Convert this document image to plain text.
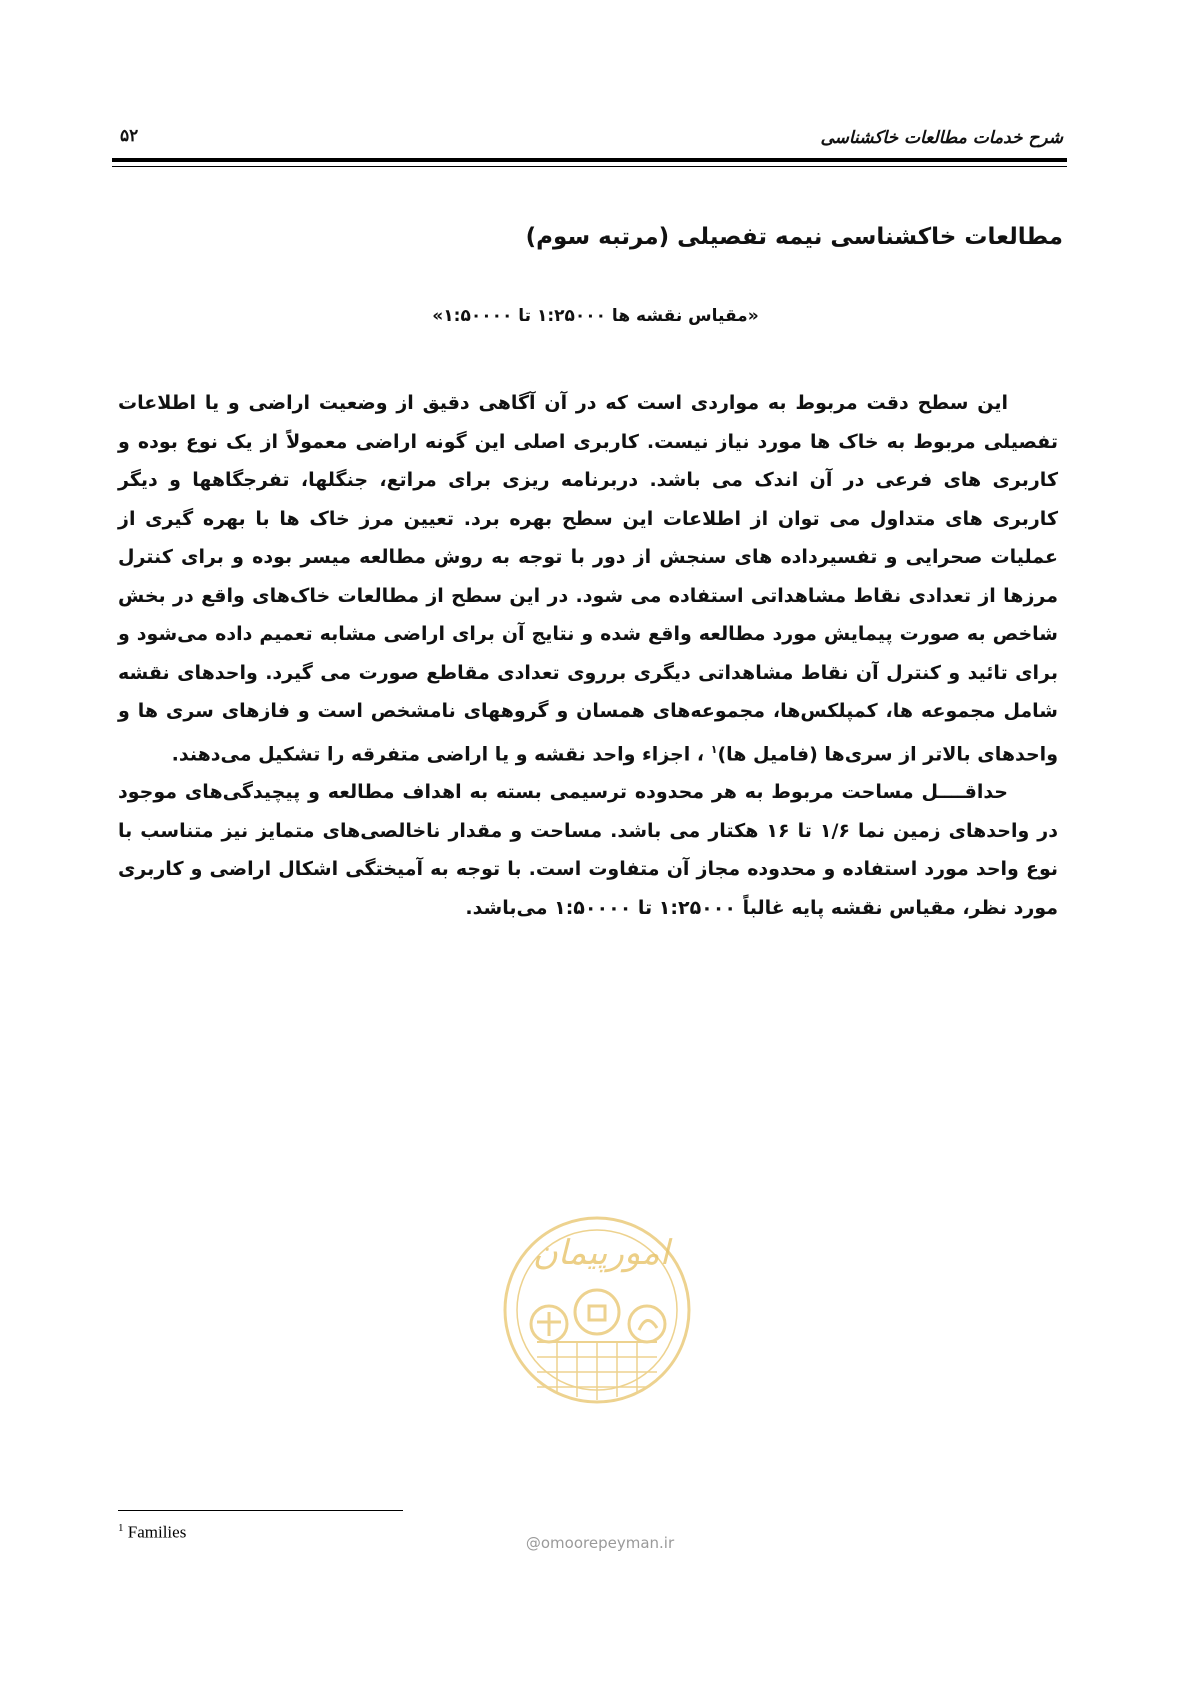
شرح خدمات مطالعات خاکشناسی
۵۲
مطالعات خاکشناسی نیمه تفصیلی (مرتبه سوم)
«مقیاس نقشه ها ۱:۲۵۰۰۰ تا ۱:۵۰۰۰۰»

این سطح دقت مربوط به مواردی است که در آن آگاهی دقیق از وضعیت اراضی و یا اطلاعات تفصیلی مربوط به خاک ها مورد نیاز نیست. کاربری اصلی این گونه اراضی معمولاً از یک نوع بوده و کاربری های فرعی در آن اندک می باشد. دربرنامه ریزی برای مراتع، جنگلها، تفرجگاهها و دیگر کاربری های متداول می توان از اطلاعات این سطح بهره برد. تعیین مرز خاک ها با بهره گیری از عملیات صحرایی و تفسیرداده های سنجش از دور با توجه به روش مطالعه میسر بوده و برای کنترل مرزها از تعدادی نقاط مشاهداتی استفاده می شود. در این سطح از مطالعات خاک‌های واقع در بخش شاخص به صورت پیمایش مورد مطالعه واقع شده و نتایج آن برای اراضی مشابه تعمیم داده می‌شود و برای تائید و کنترل آن نقاط مشاهداتی دیگری برروی تعدادی مقاطع صورت می گیرد. واحدهای نقشه شامل مجموعه ها، کمپلکس‌ها، مجموعه‌های همسان و گروههای نامشخص است و فازهای سری ها و واحدهای بالاتر از سری‌ها (فامیل ها)$^۱$ ، اجزاء واحد نقشه و یا اراضی متفرقه را تشکیل می‌دهند.

حداقــــل مساحت مربوط به هر محدوده ترسیمی بسته به اهداف مطالعه و پیچیدگی‌های موجود در واحدهای زمین نما ۱/۶ تا ۱۶ هکتار می باشد. مساحت و مقدار ناخالصی‌های متمایز نیز متناسب با نوع واحد مورد استفاده و محدوده مجاز آن متفاوت است. با توجه به آمیختگی اشکال اراضی و کاربری مورد نظر، مقیاس نقشه پایه غالباً ۱:۲۵۰۰۰ تا ۱:۵۰۰۰۰ می‌باشد.

امورپیمان
@omoorepeyman.ir
$^1$ Families
